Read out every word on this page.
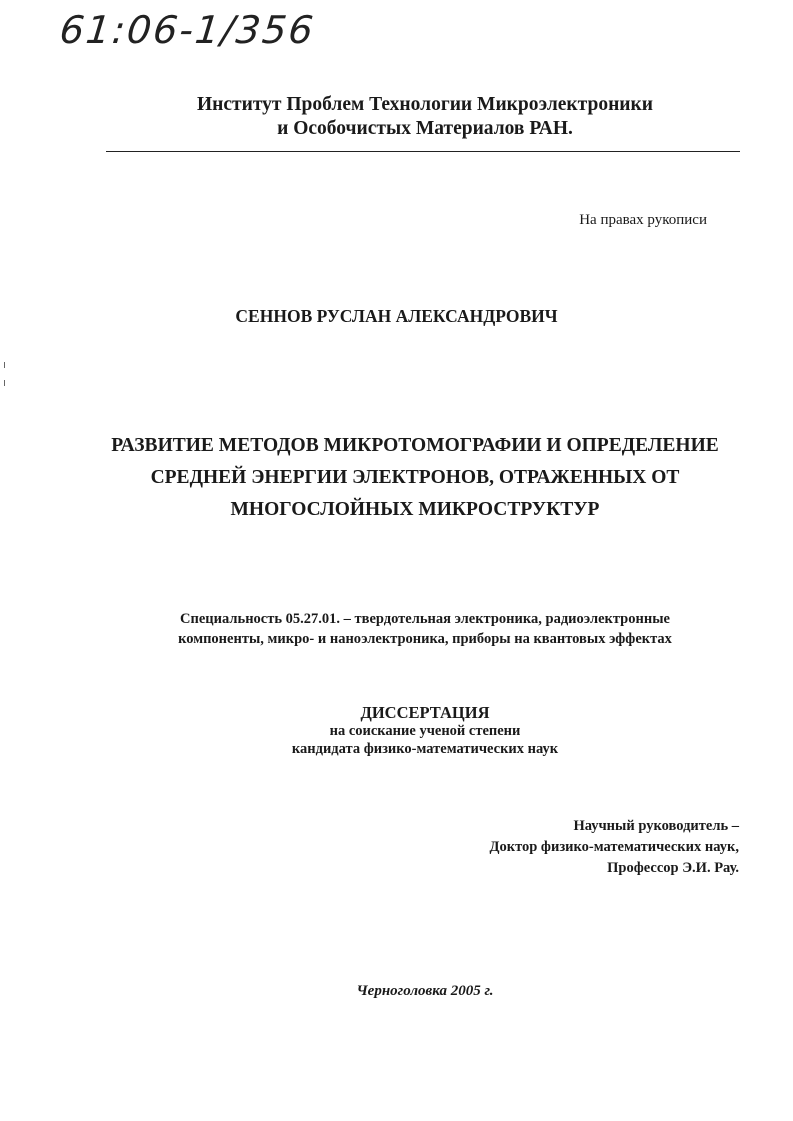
61:06-1/356
Институт Проблем Технологии Микроэлектроники
и Особочистых Материалов РАН.
На правах рукописи
СЕННОВ РУСЛАН АЛЕКСАНДРОВИЧ
РАЗВИТИЕ МЕТОДОВ МИКРОТОМОГРАФИИ И ОПРЕДЕЛЕНИЕ
СРЕДНЕЙ ЭНЕРГИИ ЭЛЕКТРОНОВ, ОТРАЖЕННЫХ ОТ
МНОГОСЛОЙНЫХ МИКРОСТРУКТУР
Специальность 05.27.01. – твердотельная электроника, радиоэлектронные
компоненты, микро- и наноэлектроника, приборы на квантовых эффектах
ДИССЕРТАЦИЯ
на соискание ученой степени
кандидата физико-математических наук
Научный руководитель –
Доктор физико-математических наук,
Профессор Э.И. Рау.
Черноголовка 2005 г.
